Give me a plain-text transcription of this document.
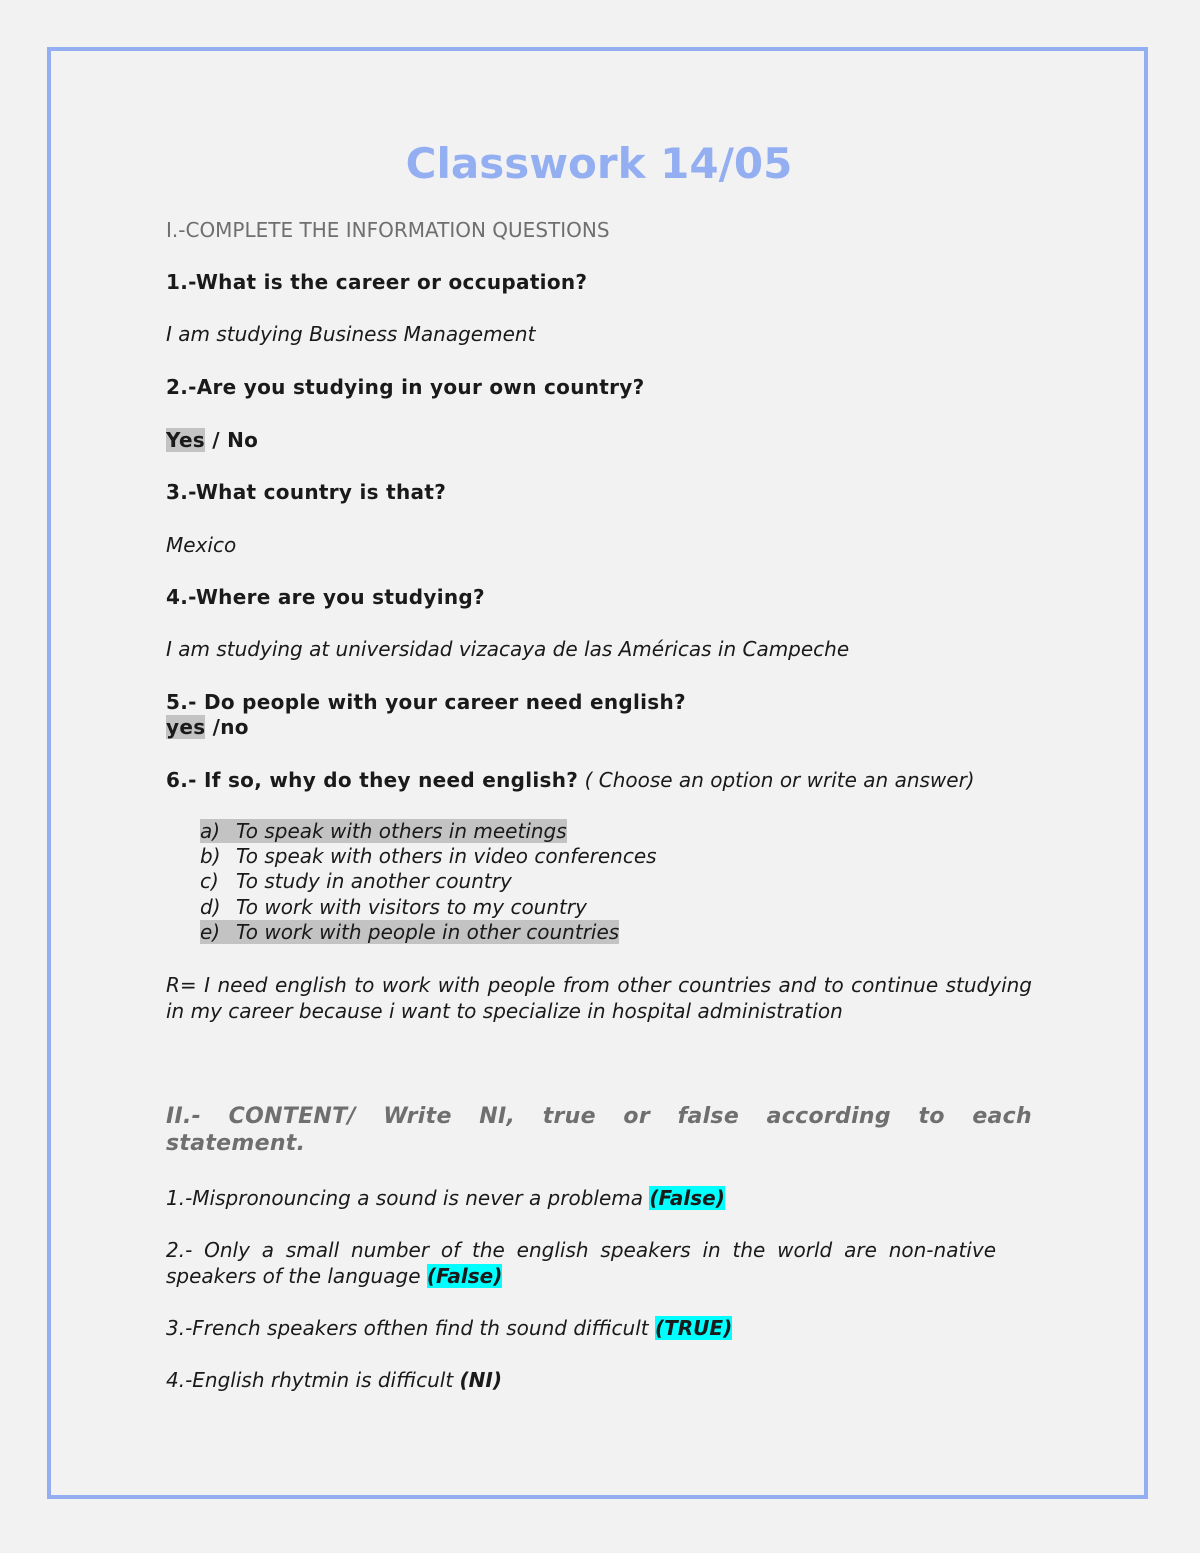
Classwork 14/05
I.-COMPLETE THE INFORMATION QUESTIONS
1.-What is the career or occupation?
I am studying Business Management
2.-Are you studying in your own country?
Yes / No
3.-What country is that?
Mexico
4.-Where are you studying?
I am studying at universidad vizacaya de las Américas in Campeche
5.- Do people with your career need english?
yes /no
6.- If so, why do they need english? ( Choose an option or write an answer)
a) To speak with others in meetings
b) To speak with others in video conferences
c) To study in another country
d) To work with visitors to my country
e) To work with people in other countries
R= I need english to work with people from other countries and to continue studying in my career because i want to specialize in hospital administration
II.- CONTENT/ Write NI, true or false according to each statement.
1.-Mispronouncing a sound is never a problema (False)
2.- Only a small number of the english speakers in the world are non-native speakers of the language (False)
3.-French speakers ofthen find th sound difficult (TRUE)
4.-English rhytmin is difficult (NI)
